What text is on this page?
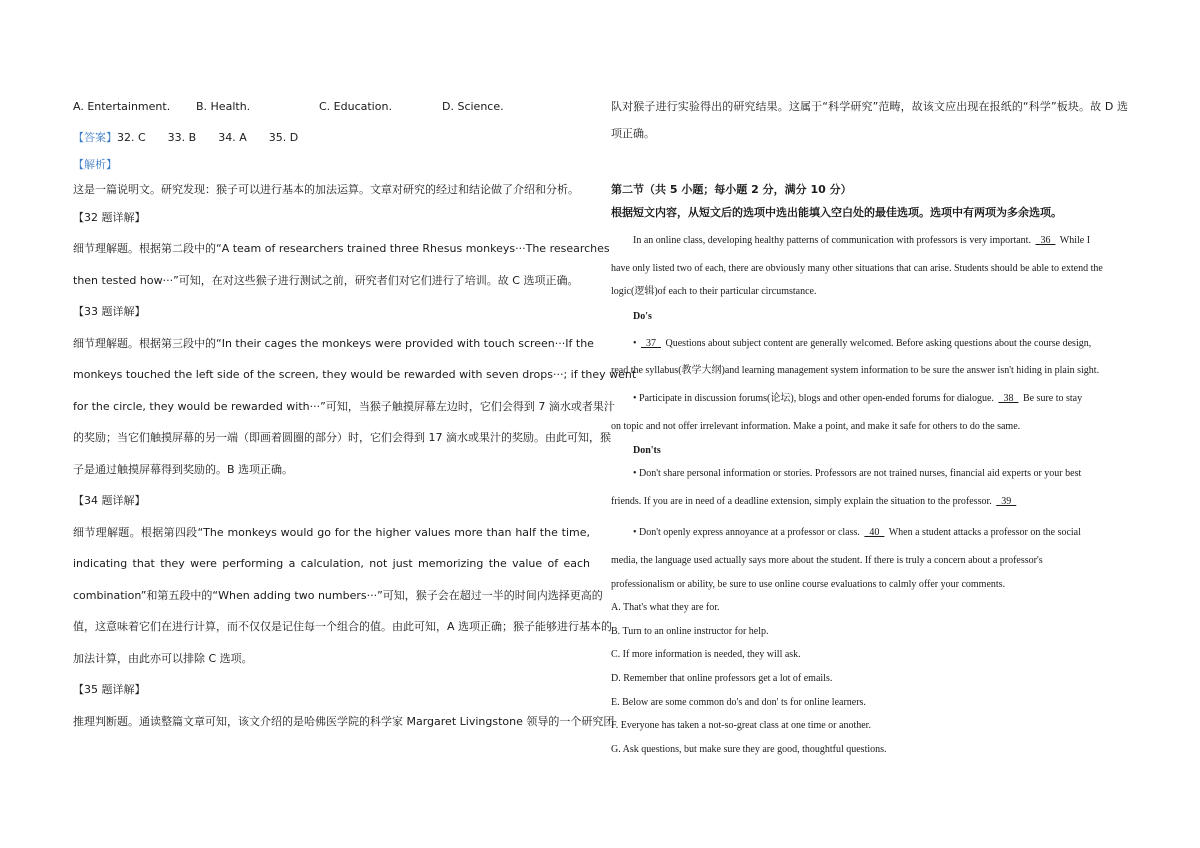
A. Entertainment. B. Health.	C. Education.	D. Science.
【答案】32. C 33. B 34. A 35. D
【解析】
这是一篇说明文。研究发现：猴子可以进行基本的加法运算。文章对研究的经过和结论做了介绍和分析。
【32 题详解】
细节理解题。根据第二段中的“A team of researchers trained three Rhesus monkeys···The researches
then tested how···”可知，在对这些猴子进行测试之前，研究者们对它们进行了培训。故 C 选项正确。
【33 题详解】
细节理解题。根据第三段中的“In their cages the monkeys were provided with touch screen···If the
monkeys touched the left side of the screen, they would be rewarded with seven drops···; if they went
for the circle, they would be rewarded with···”可知，当猴子触摸屏幕左边时，它们会得到 7 滴水或者果汁
的奖励；当它们触摸屏幕的另一端（即画着圆圈的部分）时，它们会得到 17 滴水或果汁的奖励。由此可知，猴
子是通过触摸屏幕得到奖励的。B 选项正确。
【34 题详解】
细节理解题。根据第四段“The monkeys would go for the higher values more than half the time,
indicating that they were performing a calculation, not just memorizing the value of each
combination”和第五段中的“When adding two numbers···”可知，猴子会在超过一半的时间内选择更高的
值，这意味着它们在进行计算，而不仅仅是记住每一个组合的值。由此可知，A 选项正确；猴子能够进行基本的
加法计算，由此亦可以排除 C 选项。
【35 题详解】
推理判断题。通读整篇文章可知，该文介绍的是哈佛医学院的科学家 Margaret Livingstone 领导的一个研究团
队对猴子进行实验得出的研究结果。这属于“科学研究”范畴，故该文应出现在报纸的“科学”板块。故 D 选
项正确。
第二节（共 5 小题；每小题 2 分，满分 10 分）
根据短文内容，从短文后的选项中选出能填入空白处的最佳选项。选项中有两项为多余选项。
In an online class, developing healthy patterns of communication with professors is very important. 36 While I
have only listed two of each, there are obviously many other situations that can arise. Students should be able to extend the
logic(逻辑)of each to their particular circumstance.
Do's
• 37 Questions about subject content are generally welcomed. Before asking questions about the course design,
read the syllabus(教学大纲)and learning management system information to be sure the answer isn't hiding in plain sight.
• Participate in discussion forums(论坛), blogs and other open-ended forums for dialogue. 38 Be sure to stay
on topic and not offer irrelevant information. Make a point, and make it safe for others to do the same.
Don'ts
• Don't share personal information or stories. Professors are not trained nurses, financial aid experts or your best
friends. If you are in need of a deadline extension, simply explain the situation to the professor. 39
• Don't openly express annoyance at a professor or class. 40 When a student attacks a professor on the social
media, the language used actually says more about the student. If there is truly a concern about a professor's
professionalism or ability, be sure to use online course evaluations to calmly offer your comments.
A. That's what they are for.
B. Turn to an online instructor for help.
C. If more information is needed, they will ask.
D. Remember that online professors get a lot of emails.
E. Below are some common do's and don' ts for online learners.
F. Everyone has taken a not-so-great class at one time or another.
G. Ask questions, but make sure they are good, thoughtful questions.
